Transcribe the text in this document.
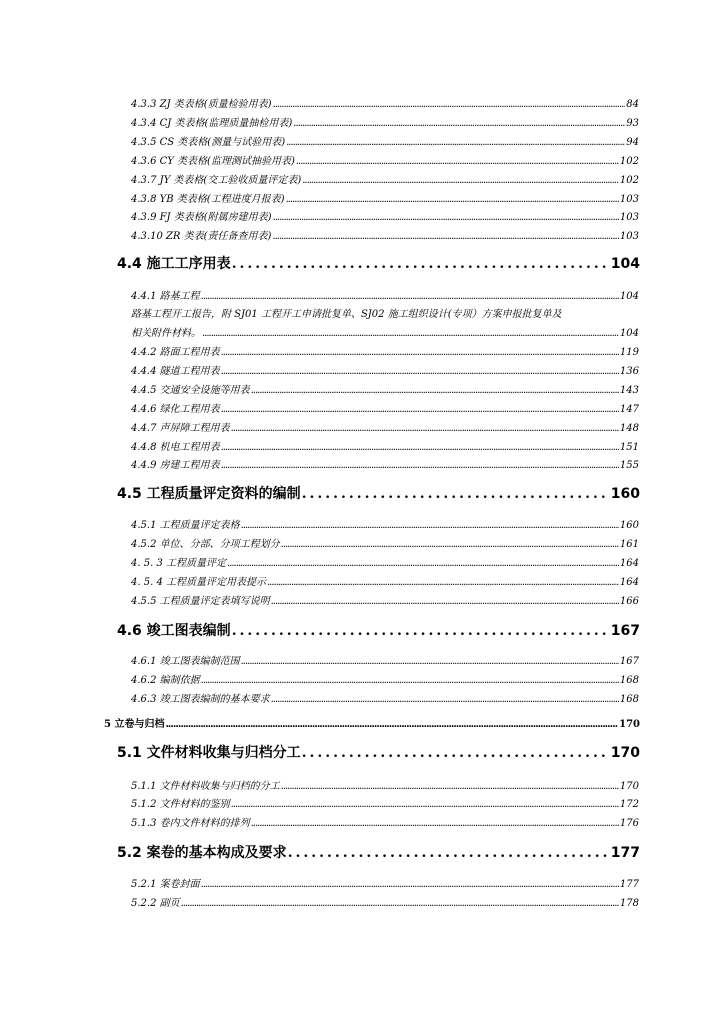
4.3.3 ZJ 类表格(质量检验用表) .....	84
4.3.4 CJ 类表格(监理质量抽检用表) .....	93
4.3.5 CS 类表格(测量与试验用表) .....	94
4.3.6 CY 类表格(监理测试抽验用表) .....	102
4.3.7 JY 类表格(交工验收质量评定表) .....	102
4.3.8 YB 类表格(工程进度月报表) .....	103
4.3.9 FJ 类表格(附属房建用表) .....	103
4.3.10 ZR 类表(责任备查用表) .....	103
4.4 施工工序用表 .....	104
4.4.1 路基工程 .....	104
路基工程开工报告，附 SJ01 工程开工申请批复单、SJ02 施工组织设计(专项）方案申报批复单及
相关附件材料。 .....	104
4.4.2 路面工程用表 .....	119
4.4.4 隧道工程用表 .....	136
4.4.5 交通安全设施等用表 .....	143
4.4.6 绿化工程用表 .....	147
4.4.7 声屏障工程用表 .....	148
4.4.8 机电工程用表 .....	151
4.4.9 房建工程用表 .....	155
4.5 工程质量评定资料的编制 .....	160
4.5.1 工程质量评定表格 .....	160
4.5.2 单位、分部、分项工程划分 .....	161
4. 5. 3 工程质量评定 .....	164
4. 5. 4 工程质量评定用表提示 .....	164
4.5.5 工程质量评定表填写说明 .....	166
4.6 竣工图表编制 .....	167
4.6.1 竣工图表编制范围 .....	167
4.6.2 编制依据 .....	168
4.6.3 竣工图表编制的基本要求 .....	168
5 立卷与归档 .....	170
5.1 文件材料收集与归档分工 .....	170
5.1.1 文件材料收集与归档的分工 .....	170
5.1.2 文件材料的鉴别 .....	172
5.1.3 卷内文件材料的排列 .....	176
5.2 案卷的基本构成及要求 .....	177
5.2.1 案卷封面 .....	177
5.2.2 副页 .....	178
